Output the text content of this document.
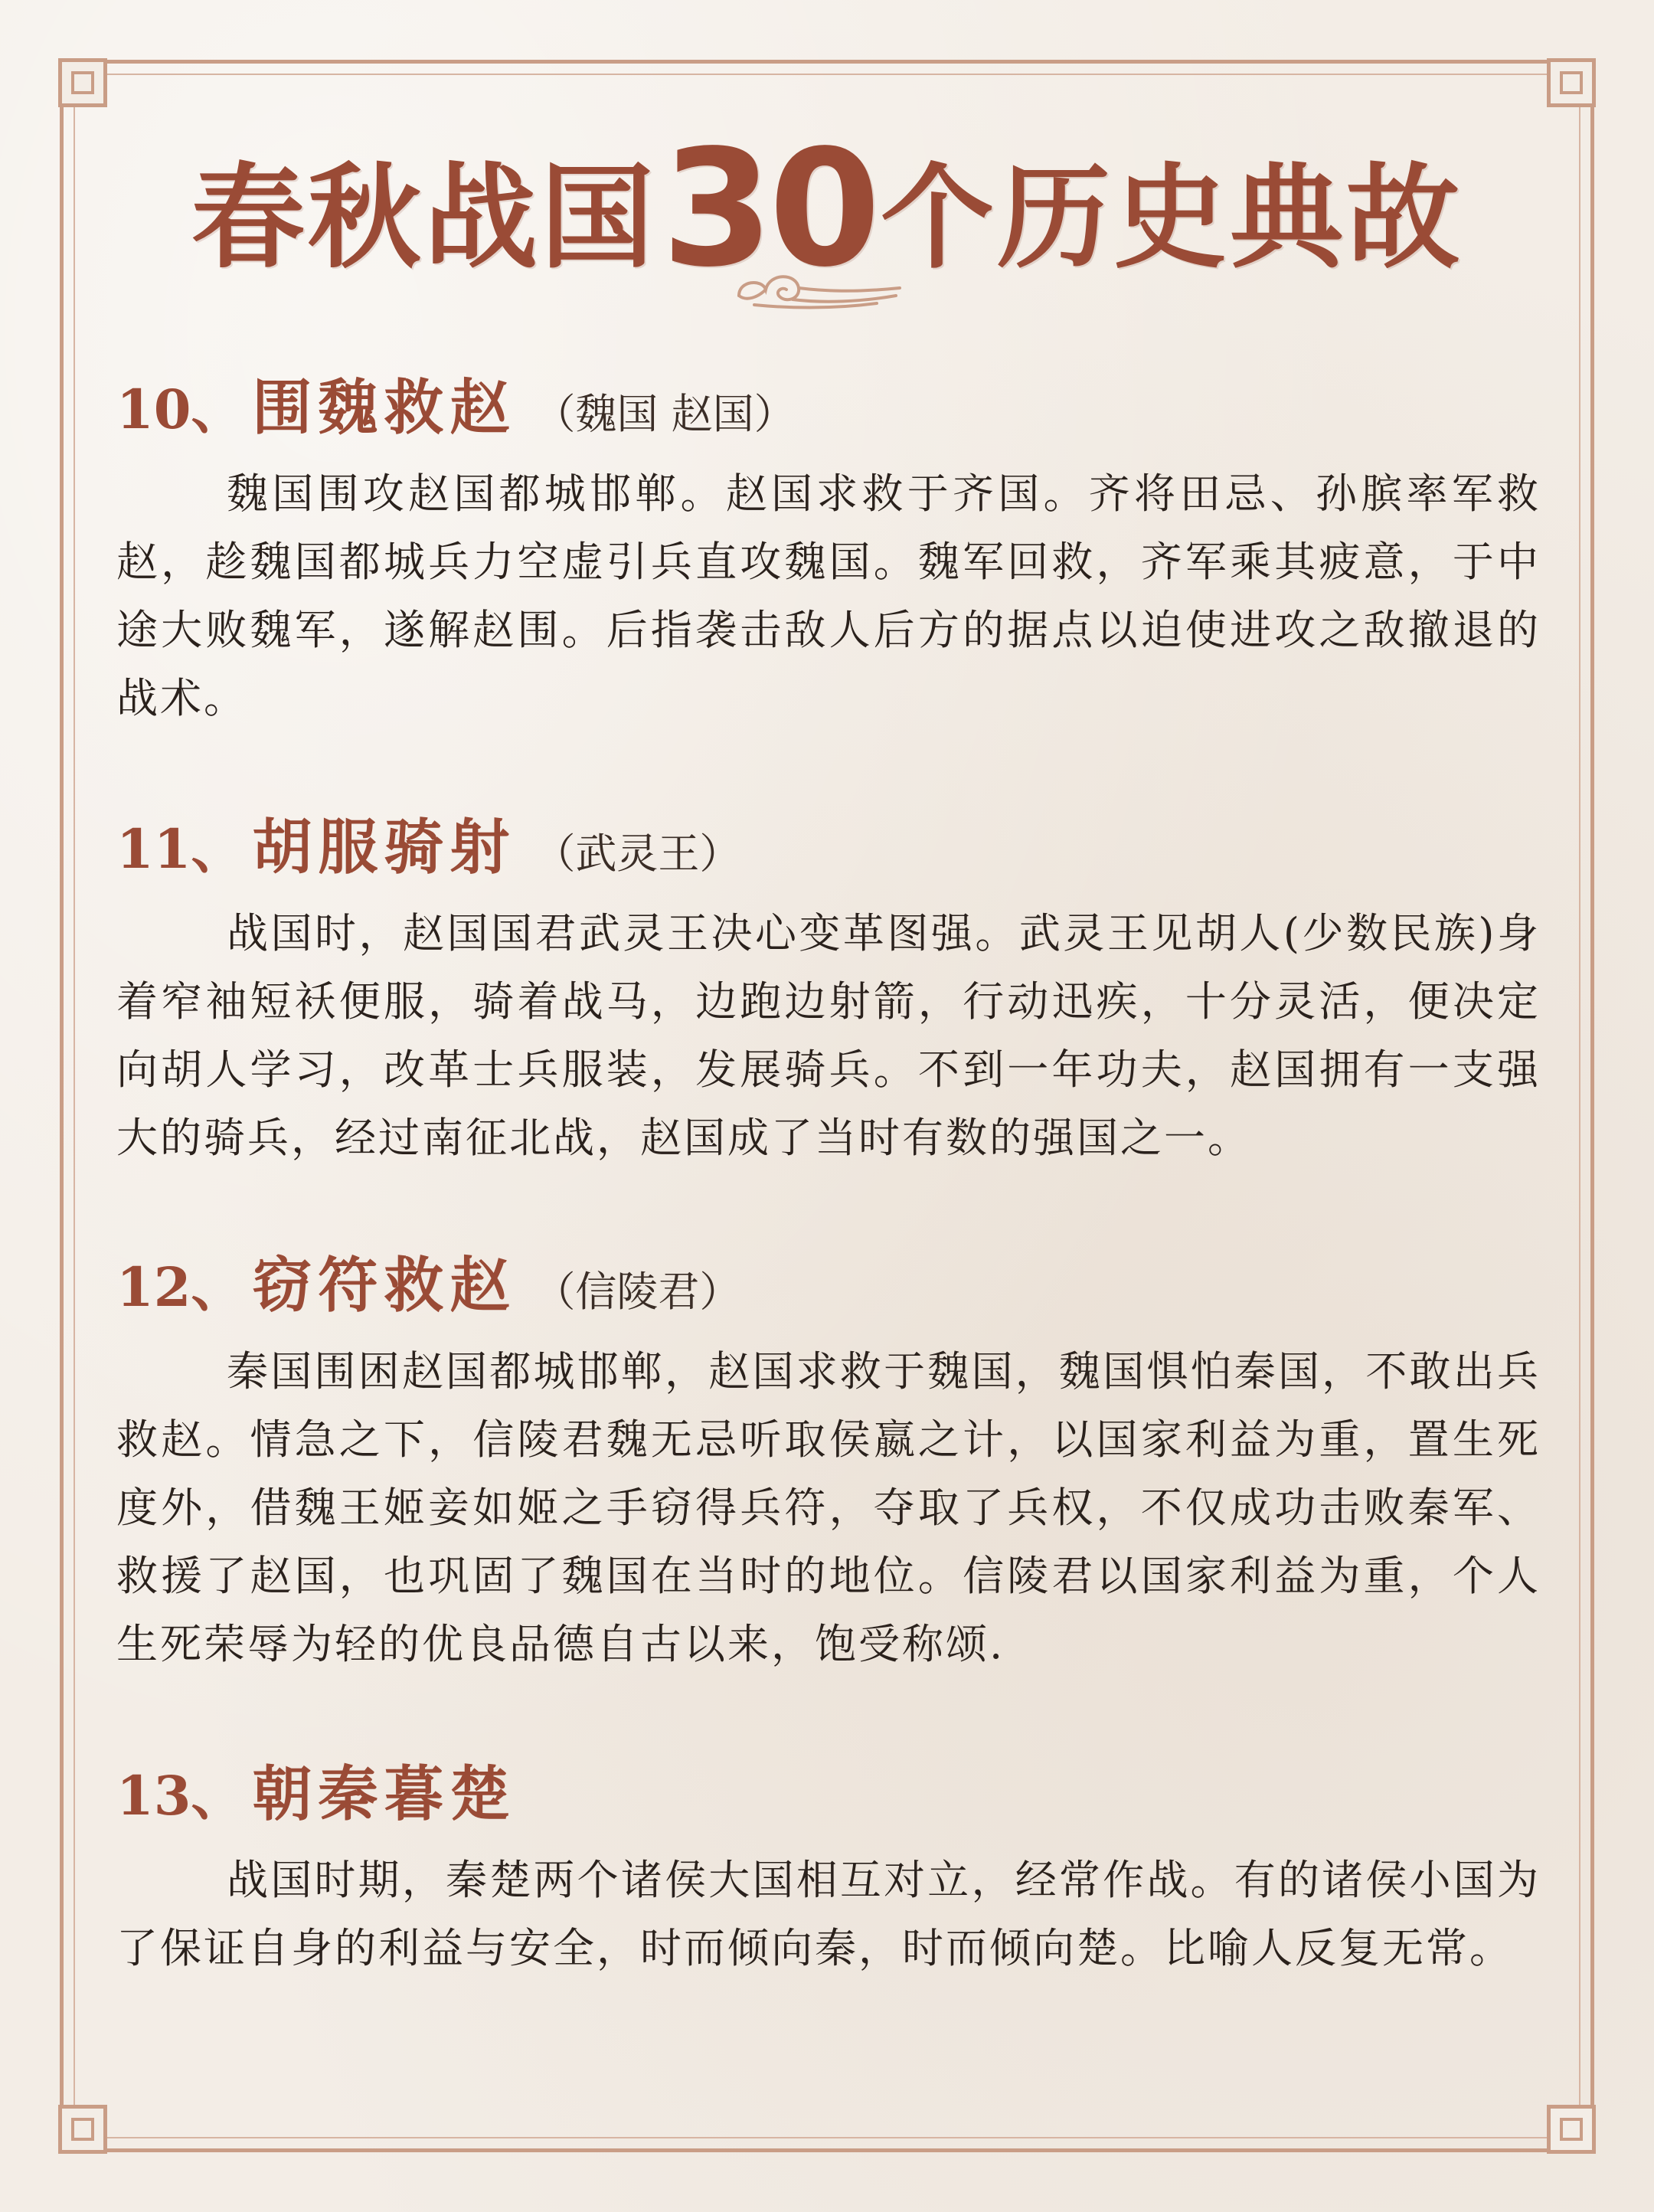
春秋战国30个历史典故
10、 围魏救赵 （魏国 赵国）

魏国围攻赵国都城邯郸。赵国求救于齐国。齐将田忌、孙膑率军救赵，趁魏国都城兵力空虚引兵直攻魏国。魏军回救，齐军乘其疲意，于中途大败魏军，遂解赵围。后指袭击敌人后方的据点以迫使进攻之敌撤退的战术。

11、 胡服骑射 （武灵王）

战国时，赵国国君武灵王决心变革图强。武灵王见胡人(少数民族)身着窄袖短袄便服，骑着战马，边跑边射箭，行动迅疾，十分灵活，便决定向胡人学习，改革士兵服装，发展骑兵。不到一年功夫，赵国拥有一支强大的骑兵，经过南征北战，赵国成了当时有数的强国之一。

12、 窃符救赵 （信陵君）

秦国围困赵国都城邯郸，赵国求救于魏国，魏国惧怕秦国，不敢出兵救赵。情急之下，信陵君魏无忌听取侯嬴之计，以国家利益为重，置生死度外，借魏王姬妾如姬之手窃得兵符，夺取了兵权，不仅成功击败秦军、救援了赵国，也巩固了魏国在当时的地位。信陵君以国家利益为重，个人生死荣辱为轻的优良品德自古以来，饱受称颂.

13、 朝秦暮楚

战国时期，秦楚两个诸侯大国相互对立，经常作战。有的诸侯小国为了保证自身的利益与安全，时而倾向秦，时而倾向楚。比喻人反复无常。
